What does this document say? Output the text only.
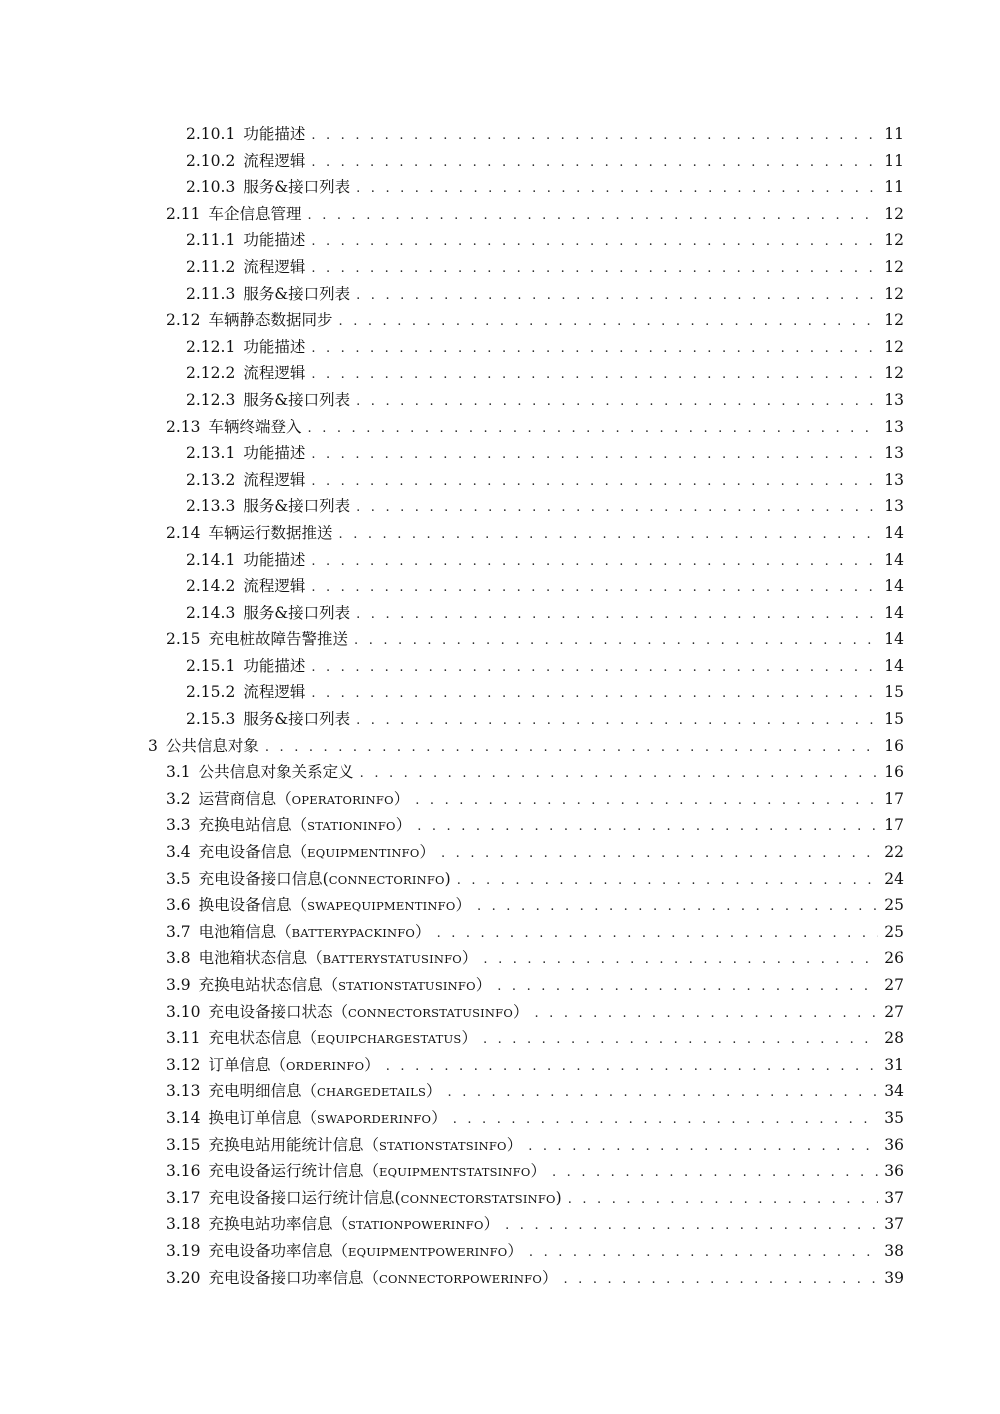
2.10.1 功能描述 . . .	11
2.10.2 流程逻辑 . . .	11
2.10.3 服务&接口列表 . . .	11
2.11 车企信息管理 . . .	12
2.11.1 功能描述 . . .	12
2.11.2 流程逻辑 . . .	12
2.11.3 服务&接口列表 . . .	12
2.12 车辆静态数据同步 . . .	12
2.12.1 功能描述 . . .	12
2.12.2 流程逻辑 . . .	12
2.12.3 服务&接口列表 . . .	13
2.13 车辆终端登入 . . .	13
2.13.1 功能描述 . . .	13
2.13.2 流程逻辑 . . .	13
2.13.3 服务&接口列表 . . .	13
2.14 车辆运行数据推送 . . .	14
2.14.1 功能描述 . . .	14
2.14.2 流程逻辑 . . .	14
2.14.3 服务&接口列表 . . .	14
2.15 充电桩故障告警推送 . . .	14
2.15.1 功能描述 . . .	14
2.15.2 流程逻辑 . . .	15
2.15.3 服务&接口列表 . . .	15
3 公共信息对象 . . .	16
3.1 公共信息对象关系定义 . . .	16
3.2 运营商信息（OPERATORINFO） . . .	17
3.3 充换电站信息（STATIONINFO） . . .	17
3.4 充电设备信息（EQUIPMENTINFO） . . .	22
3.5 充电设备接口信息(CONNECTORINFO) . . .	24
3.6 换电设备信息（SWAPEQUIPMENTINFO） . . .	25
3.7 电池箱信息（BATTERYPACKINFO） . . .	25
3.8 电池箱状态信息（BATTERYSTATUSINFO） . . .	26
3.9 充换电站状态信息（STATIONSTATUSINFO） . . .	27
3.10 充电设备接口状态（CONNECTORSTATUSINFO） . . .	27
3.11 充电状态信息（EQUIPCHARGESTATUS） . . .	28
3.12 订单信息（ORDERINFO） . . .	31
3.13 充电明细信息（CHARGEDETAILS） . . .	34
3.14 换电订单信息（SWAPORDERINFO） . . .	35
3.15 充换电站用能统计信息（STATIONSTATSINFO） . . .	36
3.16 充电设备运行统计信息（EQUIPMENTSTATSINFO） . . .	36
3.17 充电设备接口运行统计信息(CONNECTORSTATSINFO) . . .	37
3.18 充换电站功率信息（STATIONPOWERINFO） . . .	37
3.19 充电设备功率信息（EQUIPMENTPOWERINFO） . . .	38
3.20 充电设备接口功率信息（CONNECTORPOWERINFO） . . .	39
